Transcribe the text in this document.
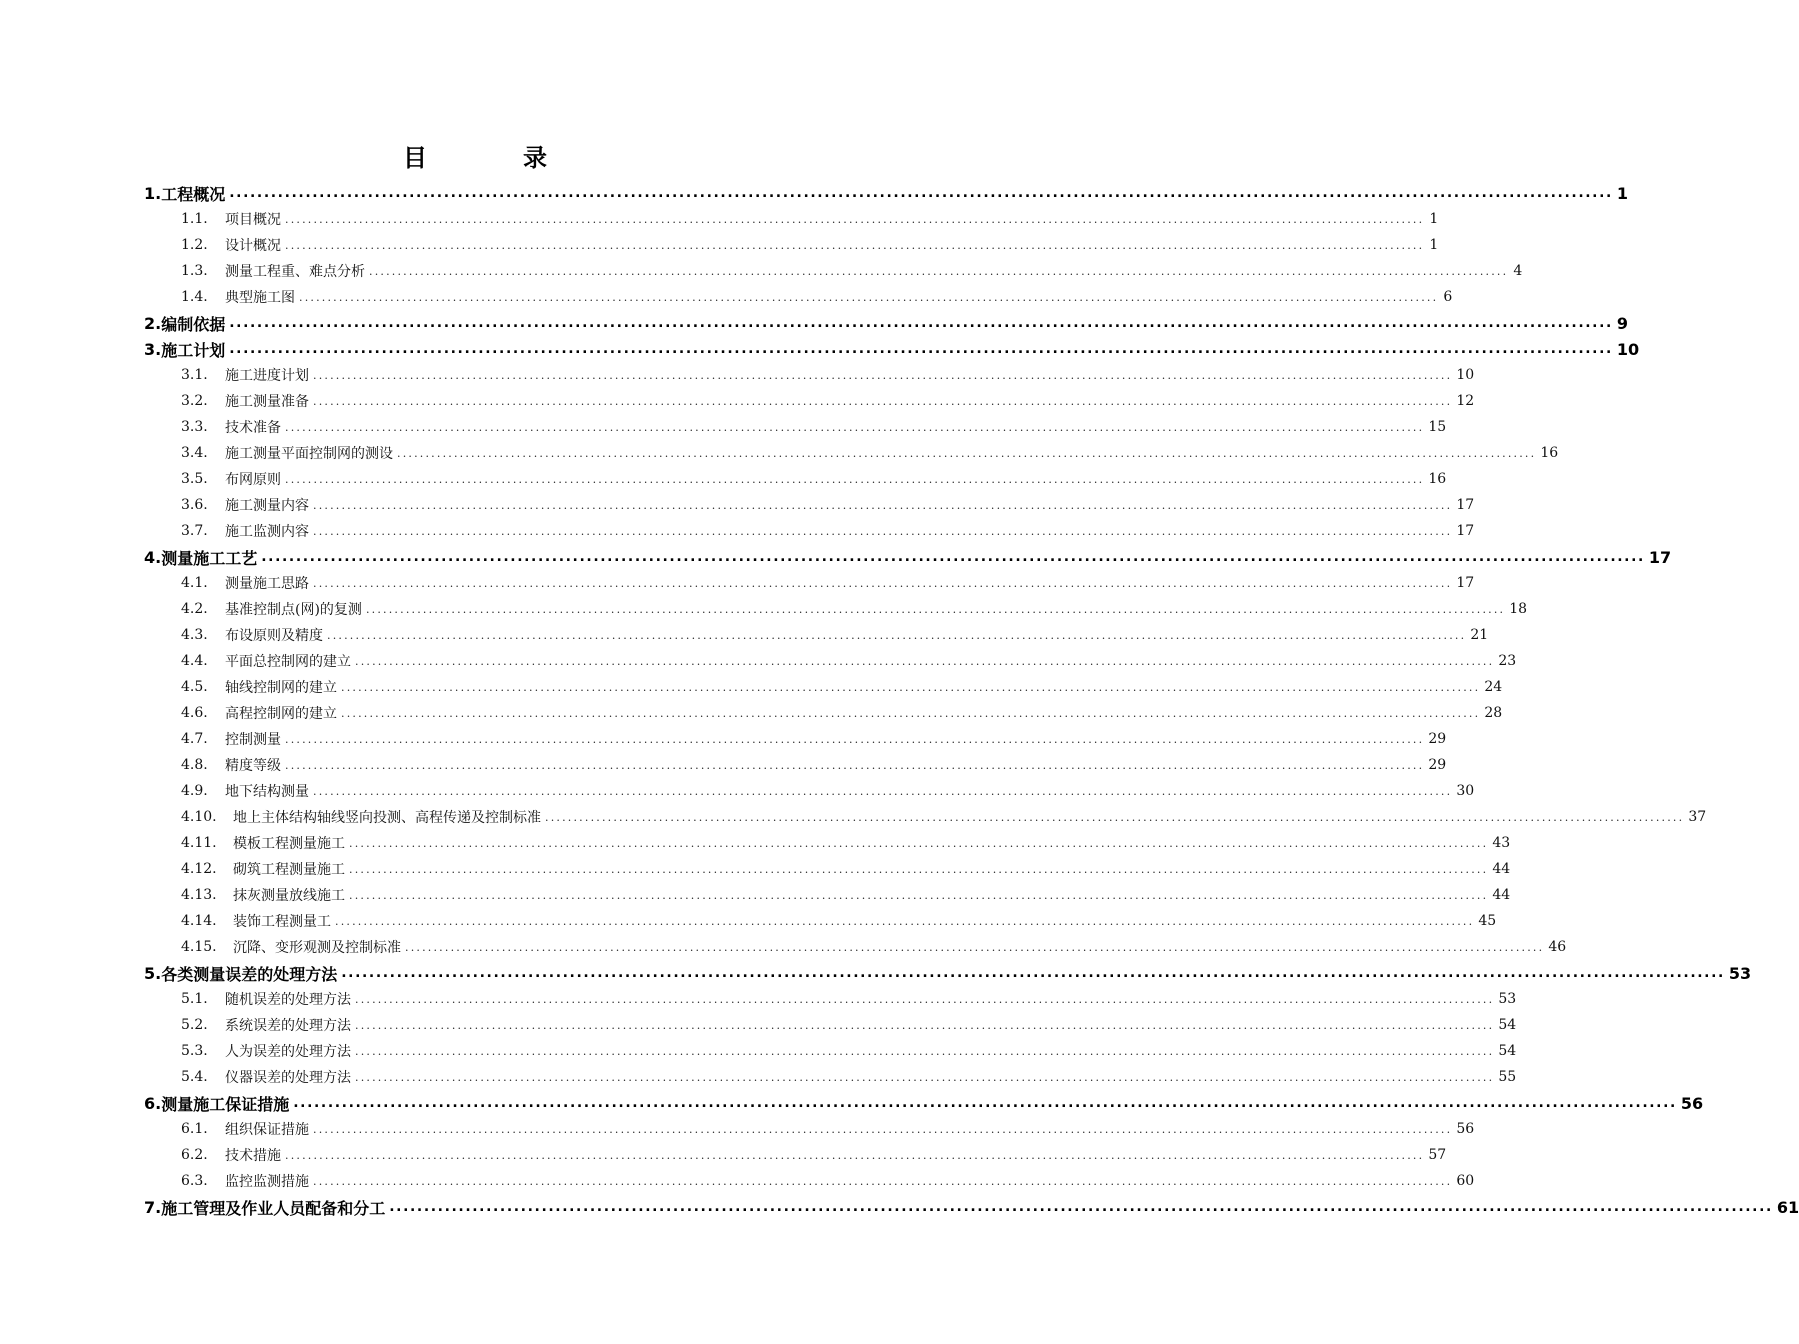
目	录
1. 工程概况 ........................................................................................................................................................................................................ 1
1.1.	项目概况 ........................................................................................................................................................................................................ 1
1.2.	设计概况 ........................................................................................................................................................................................................ 1
1.3.	测量工程重、难点分析 ........................................................................................................................................................................................................ 4
1.4.	典型施工图 ........................................................................................................................................................................................................ 6
2. 编制依据 ........................................................................................................................................................................................................ 9
3. 施工计划 ........................................................................................................................................................................................................ 10
3.1.	施工进度计划 ........................................................................................................................................................................................................ 10
3.2.	施工测量准备 ........................................................................................................................................................................................................ 12
3.3.	技术准备 ........................................................................................................................................................................................................ 15
3.4.	施工测量平面控制网的测设 ........................................................................................................................................................................................................ 16
3.5.	布网原则 ........................................................................................................................................................................................................ 16
3.6.	施工测量内容 ........................................................................................................................................................................................................ 17
3.7.	施工监测内容 ........................................................................................................................................................................................................ 17
4. 测量施工工艺 ........................................................................................................................................................................................................ 17
4.1.	测量施工思路 ........................................................................................................................................................................................................ 17
4.2.	基准控制点(网)的复测 ........................................................................................................................................................................................................ 18
4.3.	布设原则及精度 ........................................................................................................................................................................................................ 21
4.4.	平面总控制网的建立 ........................................................................................................................................................................................................ 23
4.5.	轴线控制网的建立 ........................................................................................................................................................................................................ 24
4.6.	高程控制网的建立 ........................................................................................................................................................................................................ 28
4.7.	控制测量 ........................................................................................................................................................................................................ 29
4.8.	精度等级 ........................................................................................................................................................................................................ 29
4.9.	地下结构测量 ........................................................................................................................................................................................................ 30
4.10.	地上主体结构轴线竖向投测、高程传递及控制标准 ........................................................................................................................................................................................................ 37
4.11.	模板工程测量施工 ........................................................................................................................................................................................................ 43
4.12.	砌筑工程测量施工 ........................................................................................................................................................................................................ 44
4.13.	抹灰测量放线施工 ........................................................................................................................................................................................................ 44
4.14.	装饰工程测量工 ........................................................................................................................................................................................................ 45
4.15.	沉降、变形观测及控制标准 ........................................................................................................................................................................................................ 46
5. 各类测量误差的处理方法 ........................................................................................................................................................................................................ 53
5.1.	随机误差的处理方法 ........................................................................................................................................................................................................ 53
5.2.	系统误差的处理方法 ........................................................................................................................................................................................................ 54
5.3.	人为误差的处理方法 ........................................................................................................................................................................................................ 54
5.4.	仪器误差的处理方法 ........................................................................................................................................................................................................ 55
6. 测量施工保证措施 ........................................................................................................................................................................................................ 56
6.1.	组织保证措施 ........................................................................................................................................................................................................ 56
6.2.	技术措施 ........................................................................................................................................................................................................ 57
6.3.	监控监测措施 ........................................................................................................................................................................................................ 60
7. 施工管理及作业人员配备和分工 ........................................................................................................................................................................................................ 61
